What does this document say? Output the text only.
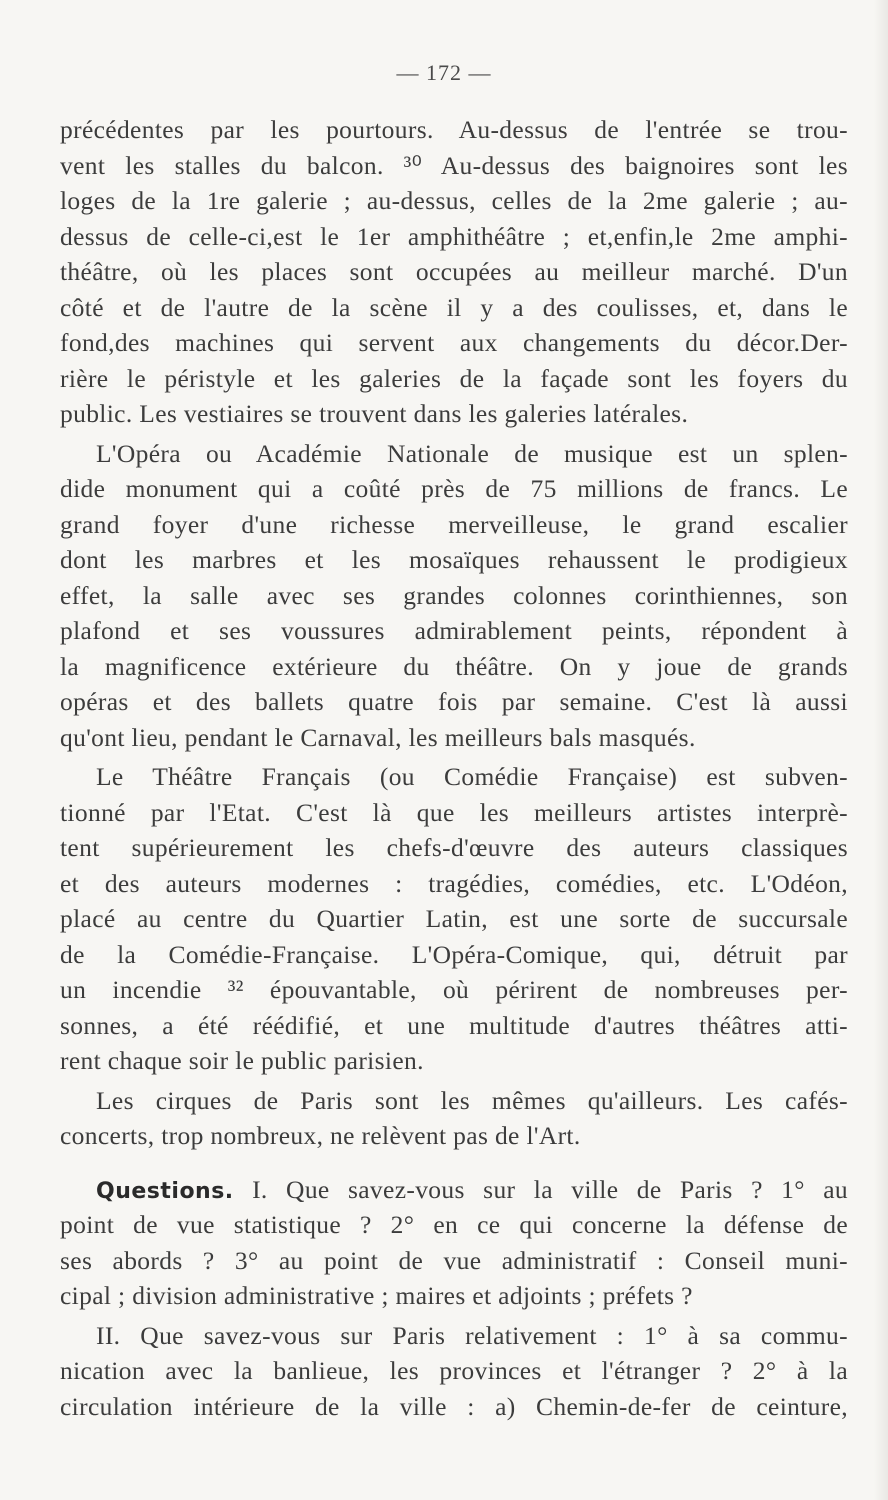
— 172 —
précédentes par les pourtours. Au-dessus de l'entrée se trou-
vent les stalles du balcon. ³⁰ Au-dessus des baignoires sont les
loges de la 1re galerie ; au-dessus, celles de la 2me galerie ; au-
dessus de celle-ci,est le 1er amphithéâtre ; et,enfin,le 2me amphi-
théâtre, où les places sont occupées au meilleur marché. D'un
côté et de l'autre de la scène il y a des coulisses, et, dans le
fond,des machines qui servent aux changements du décor.Der-
rière le péristyle et les galeries de la façade sont les foyers du
public. Les vestiaires se trouvent dans les galeries latérales.
L'Opéra ou Académie Nationale de musique est un splen-
dide monument qui a coûté près de 75 millions de francs. Le
grand foyer d'une richesse merveilleuse, le grand escalier
dont les marbres et les mosaïques rehaussent le prodigieux
effet, la salle avec ses grandes colonnes corinthiennes, son
plafond et ses voussures admirablement peints, répondent à
la magnificence extérieure du théâtre. On y joue de grands
opéras et des ballets quatre fois par semaine. C'est là aussi
qu'ont lieu, pendant le Carnaval, les meilleurs bals masqués.
Le Théâtre Français (ou Comédie Française) est subven-
tionné par l'Etat. C'est là que les meilleurs artistes interprè-
tent supérieurement les chefs-d'œuvre des auteurs classiques
et des auteurs modernes : tragédies, comédies, etc. L'Odéon,
placé au centre du Quartier Latin, est une sorte de succursale
de la Comédie-Française. L'Opéra-Comique, qui, détruit par
un incendie ³² épouvantable, où périrent de nombreuses per-
sonnes, a été réédifié, et une multitude d'autres théâtres atti-
rent chaque soir le public parisien.
Les cirques de Paris sont les mêmes qu'ailleurs. Les cafés-
concerts, trop nombreux, ne relèvent pas de l'Art.
Questions. I. Que savez-vous sur la ville de Paris ? 1° au
point de vue statistique ? 2° en ce qui concerne la défense de
ses abords ? 3° au point de vue administratif : Conseil muni-
cipal ; division administrative ; maires et adjoints ; préfets ?
II. Que savez-vous sur Paris relativement : 1° à sa commu-
nication avec la banlieue, les provinces et l'étranger ? 2° à la
circulation intérieure de la ville : a) Chemin-de-fer de ceinture,
